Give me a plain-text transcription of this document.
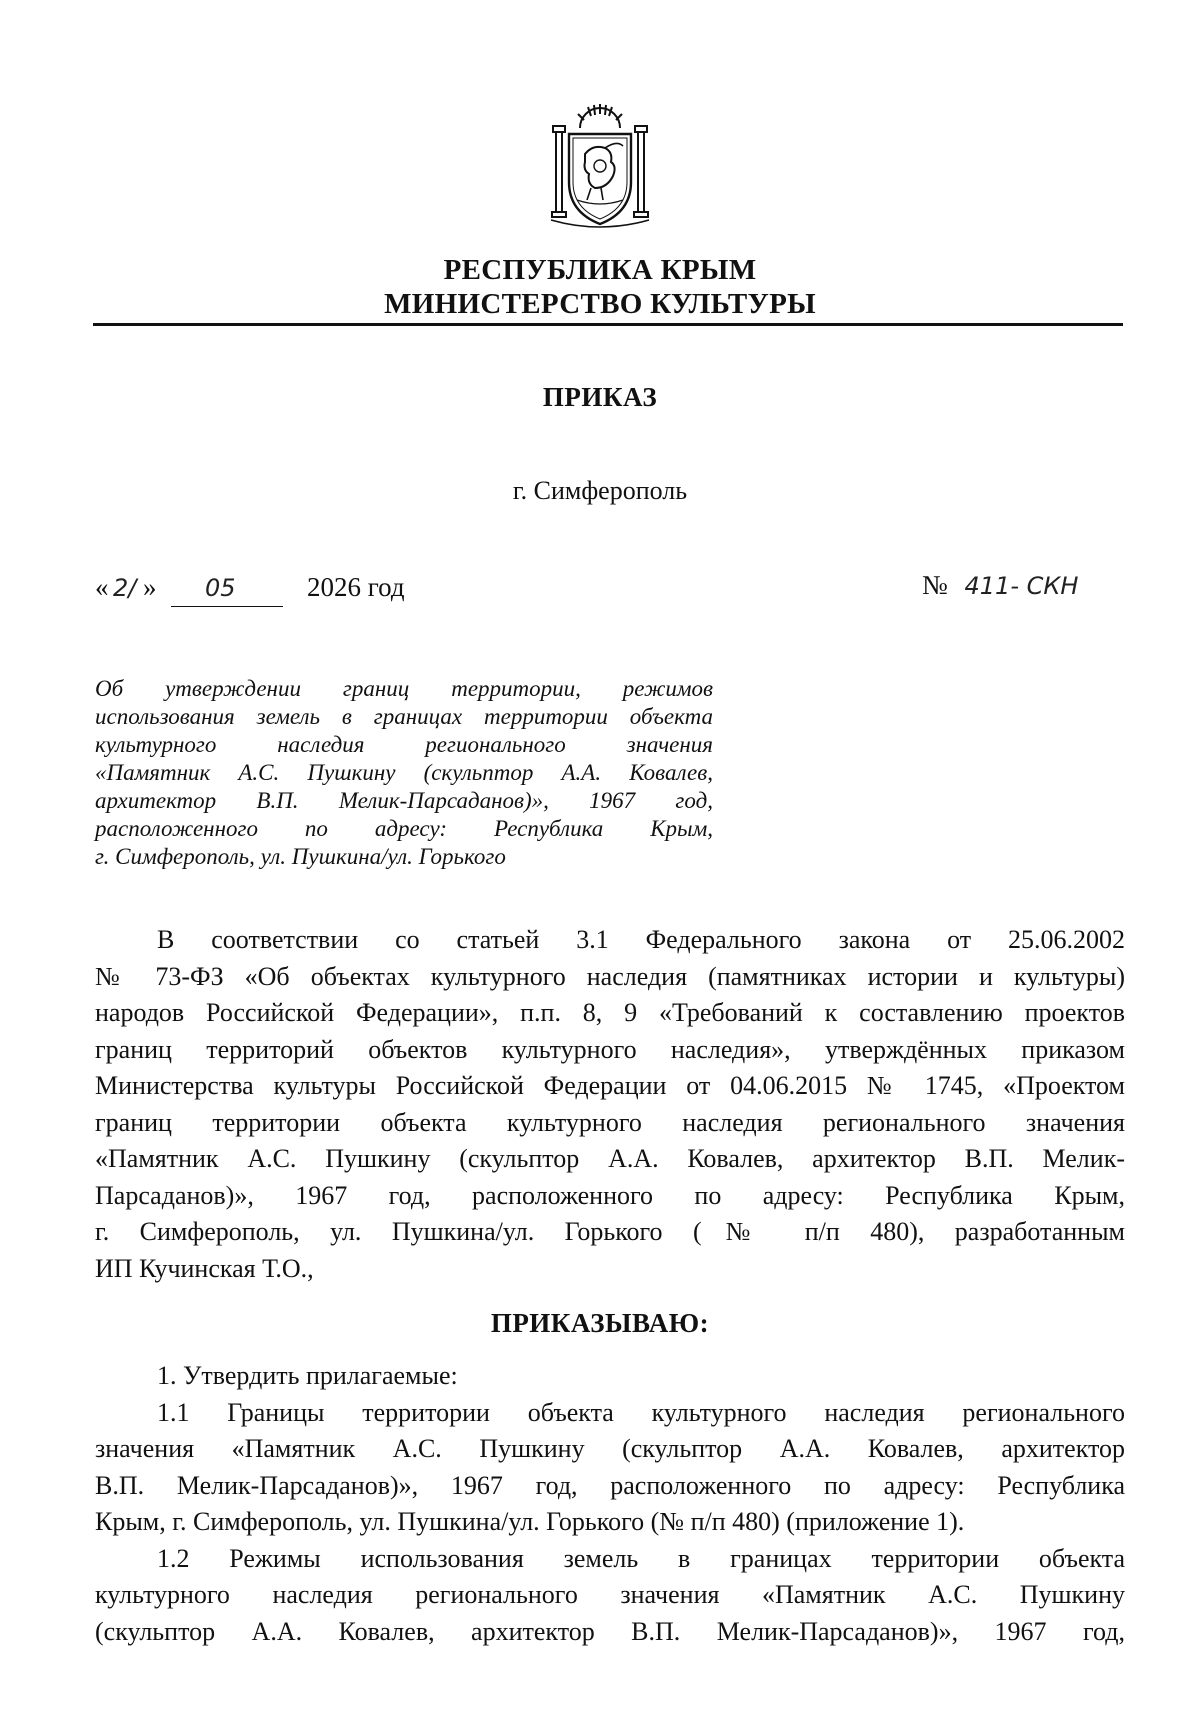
РЕСПУБЛИКА КРЫМ
МИНИСТЕРСТВО КУЛЬТУРЫ
ПРИКАЗ
г. Симферополь
« 2/ » 05	2026 год	№ 411- СКН

Об утверждении границ территории, режимов

использования земель в границах территории объекта

культурного наследия регионального значения

«Памятник А.С. Пушкину (скульптор А.А. Ковалев,

архитектор В.П. Мелик-Парсаданов)», 1967 год,

расположенного по адресу: Республика Крым,

г. Симферополь, ул. Пушкина/ул. Горького

В соответствии со статьей 3.1 Федерального закона от 25.06.2002

№ 73-ФЗ «Об объектах культурного наследия (памятниках истории и культуры)

народов Российской Федерации», п.п. 8, 9 «Требований к составлению проектов

границ территорий объектов культурного наследия», утверждённых приказом

Министерства культуры Российской Федерации от 04.06.2015 № 1745, «Проектом

границ территории объекта культурного наследия регионального значения

«Памятник А.С. Пушкину (скульптор А.А. Ковалев, архитектор В.П. Мелик-

Парсаданов)», 1967 год, расположенного по адресу: Республика Крым,

г. Симферополь, ул. Пушкина/ул. Горького (№ п/п 480), разработанным

ИП Кучинская Т.О.,

ПРИКАЗЫВАЮ:

1. Утвердить прилагаемые:

1.1 Границы территории объекта культурного наследия регионального

значения «Памятник А.С. Пушкину (скульптор А.А. Ковалев, архитектор

В.П. Мелик-Парсаданов)», 1967 год, расположенного по адресу: Республика

Крым, г. Симферополь, ул. Пушкина/ул. Горького (№ п/п 480) (приложение 1).

1.2 Режимы использования земель в границах территории объекта

культурного наследия регионального значения «Памятник А.С. Пушкину

(скульптор А.А. Ковалев, архитектор В.П. Мелик-Парсаданов)», 1967 год,
